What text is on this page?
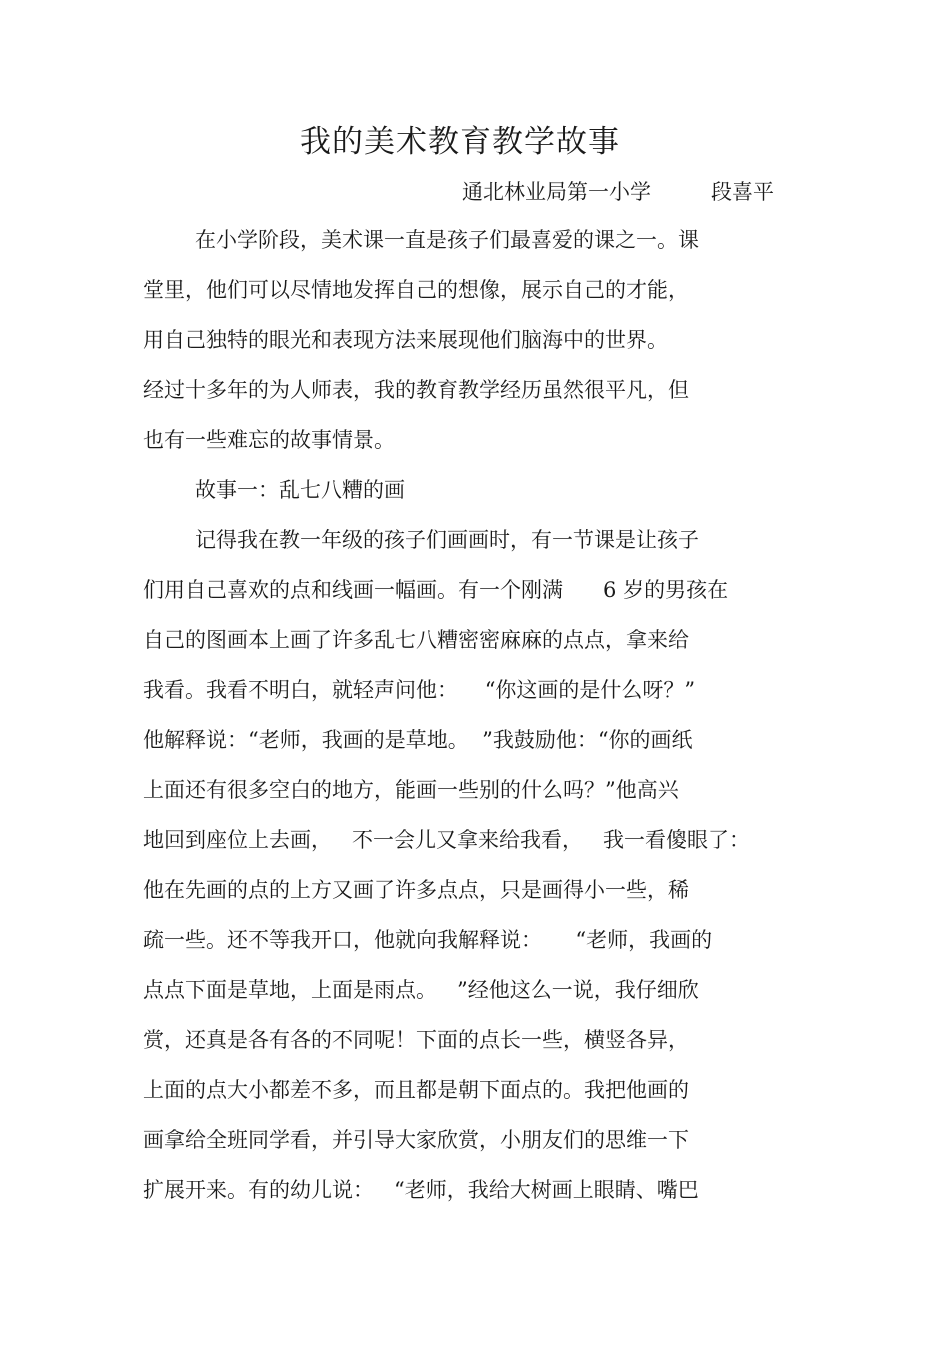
我的美术教育教学故事
通北林业局第一小学	段喜平
在小学阶段，美术课一直是孩子们最喜爱的课之一。课
堂里，他们可以尽情地发挥自己的想像，展示自己的才能，
用自己独特的眼光和表现方法来展现他们脑海中的世界。
经过十多年的为人师表，我的教育教学经历虽然很平凡，但
也有一些难忘的故事情景。
故事一：乱七八糟的画
记得我在教一年级的孩子们画画时，有一节课是让孩子
们用自己喜欢的点和线画一幅画。有一个刚满      6 岁的男孩在
自己的图画本上画了许多乱七八糟密密麻麻的点点，拿来给
我看。我看不明白，就轻声问他：    “你这画的是什么呀？”
他解释说：“老师，我画的是草地。  ”我鼓励他：“你的画纸
上面还有很多空白的地方，能画一些别的什么吗？”他高兴
地回到座位上去画，   不一会儿又拿来给我看，   我一看傻眼了：
他在先画的点的上方又画了许多点点，只是画得小一些，稀
疏一些。还不等我开口，他就向我解释说：     “老师，我画的
点点下面是草地，上面是雨点。   ”经他这么一说，我仔细欣
赏，还真是各有各的不同呢！下面的点长一些，横竖各异，
上面的点大小都差不多，而且都是朝下面点的。我把他画的
画拿给全班同学看，并引导大家欣赏，小朋友们的思维一下
扩展开来。有的幼儿说：   “老师，我给大树画上眼睛、嘴巴
